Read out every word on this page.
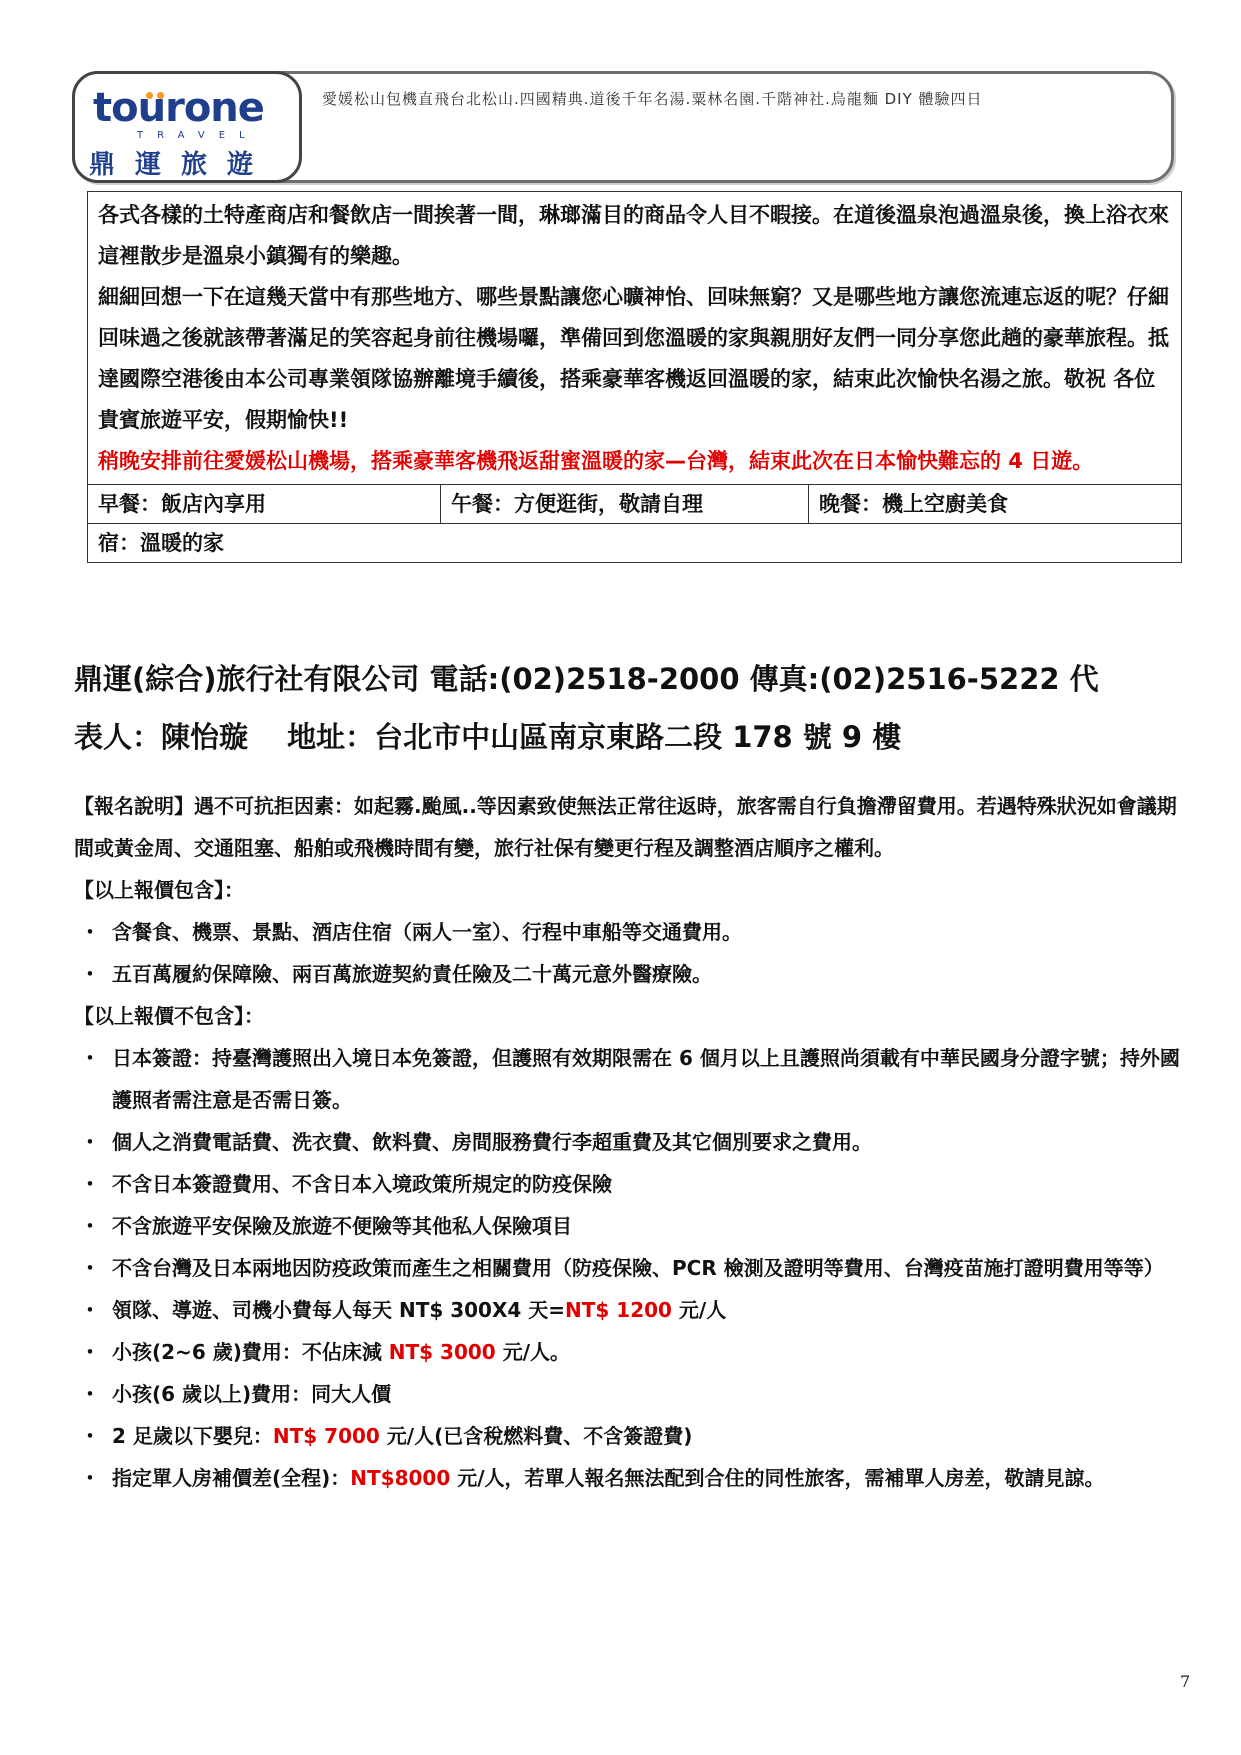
tourone
TRAVEL
鼎運旅遊
愛媛松山包機直飛台北松山.四國精典.道後千年名湯.粟林名園.千階神社.烏龍麵 DIY 體驗四日

各式各樣的土特產商店和餐飲店一間挨著一間，琳瑯滿目的商品令人目不暇接。在道後溫泉泡過溫泉後，換上浴衣來這裡散步是溫泉小鎮獨有的樂趣。

細細回想一下在這幾天當中有那些地方、哪些景點讓您心曠神怡、回味無窮？又是哪些地方讓您流連忘返的呢？仔細回味過之後就該帶著滿足的笑容起身前往機場囉，準備回到您溫暖的家與親朋好友們一同分享您此趟的豪華旅程。抵達國際空港後由本公司專業領隊協辦離境手續後，搭乘豪華客機返回溫暖的家，結束此次愉快名湯之旅。敬祝 各位貴賓旅遊平安，假期愉快!!

稍晚安排前往愛媛松山機場，搭乘豪華客機飛返甜蜜溫暖的家—台灣，結束此次在日本愉快難忘的 4 日遊。

早餐：飯店內享用	午餐：方便逛街，敬請自理	晚餐：機上空廚美食
宿：溫暖的家
鼎運(綜合)旅行社有限公司 電話:(02)2518-2000 傳真:(02)2516-5222 代
表人：陳怡璇　 地址：台北市中山區南京東路二段 178 號 9 樓

【報名說明】遇不可抗拒因素：如起霧.颱風..等因素致使無法正常往返時，旅客需自行負擔滯留費用。若遇特殊狀況如會議期間或黃金周、交通阻塞、船舶或飛機時間有變，旅行社保有變更行程及調整酒店順序之權利。

【以上報價包含】：

・ 含餐食、機票、景點、酒店住宿（兩人一室）、行程中車船等交通費用。

・ 五百萬履約保障險、兩百萬旅遊契約責任險及二十萬元意外醫療險。

【以上報價不包含】：

・ 日本簽證：持臺灣護照出入境日本免簽證，但護照有效期限需在 6 個月以上且護照尚須載有中華民國身分證字號；持外國護照者需注意是否需日簽。

・ 個人之消費電話費、洗衣費、飲料費、房間服務費行李超重費及其它個別要求之費用。

・ 不含日本簽證費用、不含日本入境政策所規定的防疫保險

・ 不含旅遊平安保險及旅遊不便險等其他私人保險項目

・ 不含台灣及日本兩地因防疫政策而產生之相關費用（防疫保險、PCR 檢測及證明等費用、台灣疫苗施打證明費用等等）

・ 領隊、導遊、司機小費每人每天 NT$ 300X4 天=NT$ 1200 元/人

・ 小孩(2~6 歲)費用：不佔床減 NT$ 3000 元/人。

・ 小孩(6 歲以上)費用：同大人價

・ 2 足歲以下嬰兒：NT$ 7000 元/人(已含稅燃料費、不含簽證費)

・ 指定單人房補價差(全程)：NT$8000 元/人，若單人報名無法配到合住的同性旅客，需補單人房差，敬請見諒。

7
